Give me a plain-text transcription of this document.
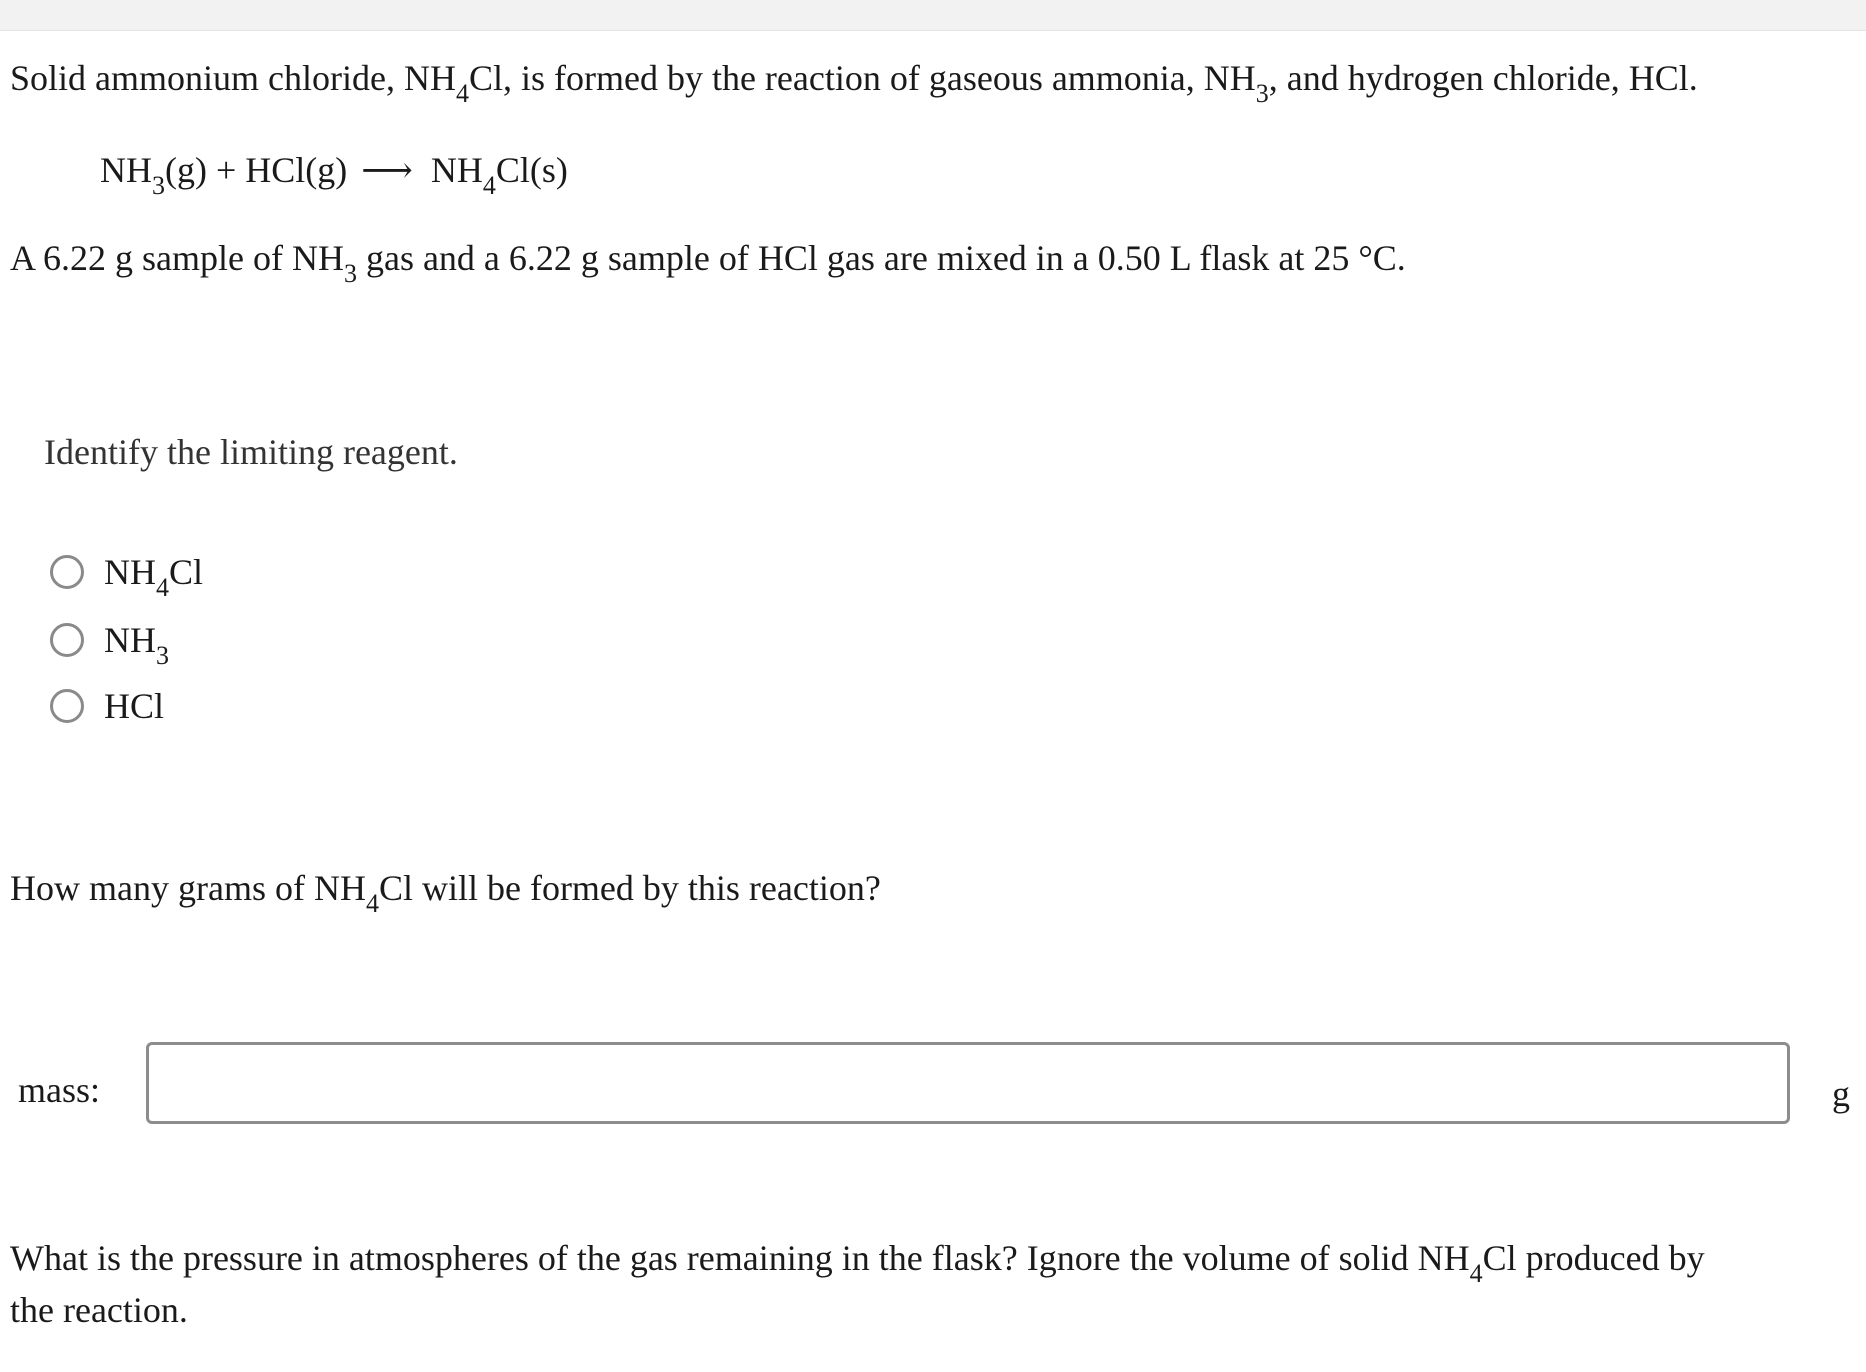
Solid ammonium chloride, $NH_4Cl$, is formed by the reaction of gaseous ammonia, $NH_3$, and hydrogen chloride, HCl.
$NH_3(g) + HCl(g)$ ⟶ $NH_4Cl(s)$
A 6.22 g sample of $NH_3$ gas and a 6.22 g sample of HCl gas are mixed in a 0.50 L flask at 25 °C.
Identify the limiting reagent.
$NH_4Cl$
$NH_3$
HCl
How many grams of $NH_4Cl$ will be formed by this reaction?
mass:	g
What is the pressure in atmospheres of the gas remaining in the flask? Ignore the volume of solid $NH_4Cl$ produced by
the reaction.
